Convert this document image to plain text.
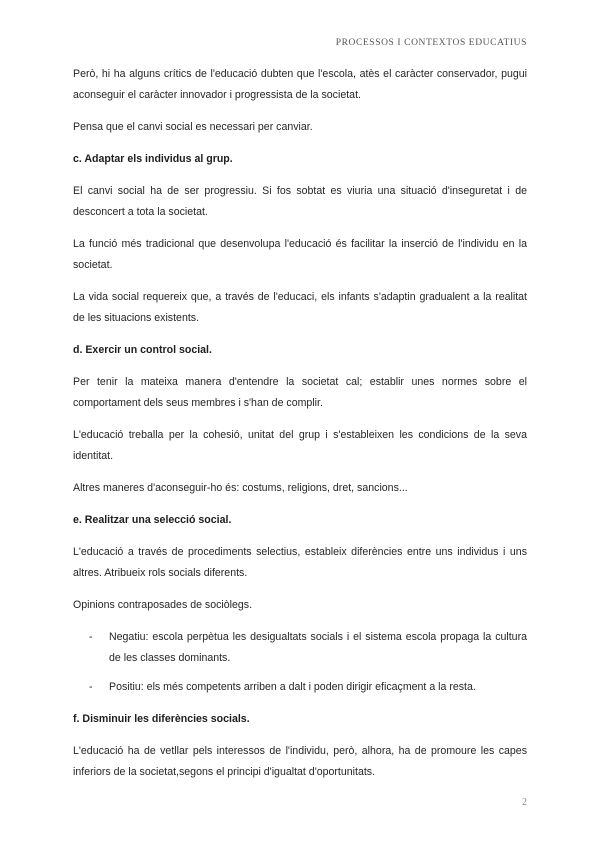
PROCESSOS I CONTEXTOS EDUCATIUS

Però, hi ha alguns crítics de l'educació dubten que l'escola, atès el caràcter conservador, pugui aconseguir el caràcter innovador i progressista de la societat.

Pensa que el canvi social es necessari per canviar.

c. Adaptar els individus al grup.

El canvi social ha de ser progressiu. Si fos sobtat es viuria una situació d'inseguretat i de desconcert a tota la societat.

La funció més tradicional que desenvolupa l'educació és facilitar la inserció de l'individu en la societat.

La vida social requereix que, a través de l'educaci, els infants s'adaptin gradualent a la realitat de les situacions existents.

d. Exercir un control social.

Per tenir la mateixa manera d'entendre la societat cal; establir unes normes sobre el comportament dels seus membres i s'han de complir.

L'educació treballa per la cohesió, unitat del grup i s'estableixen les condicions de la seva identitat.

Altres maneres d'aconseguir-ho és: costums, religions, dret, sancions...

e. Realitzar una selecció social.

L'educació a través de procediments selectius, estableix diferències entre uns individus i uns altres. Atribueix rols socials diferents.

Opinions contraposades de sociòlegs.

- Negatiu: escola perpètua les desigualtats socials i el sistema escola propaga la cultura de les classes dominants.
- Positiu: els més competents arriben a dalt i poden dirigir eficaçment a la resta.

f. Disminuir les diferències socials.

L'educació ha de vetllar pels interessos de l'individu, però, alhora, ha de promoure les capes inferiors de la societat,segons el principi d'igualtat d'oportunitats.

2
